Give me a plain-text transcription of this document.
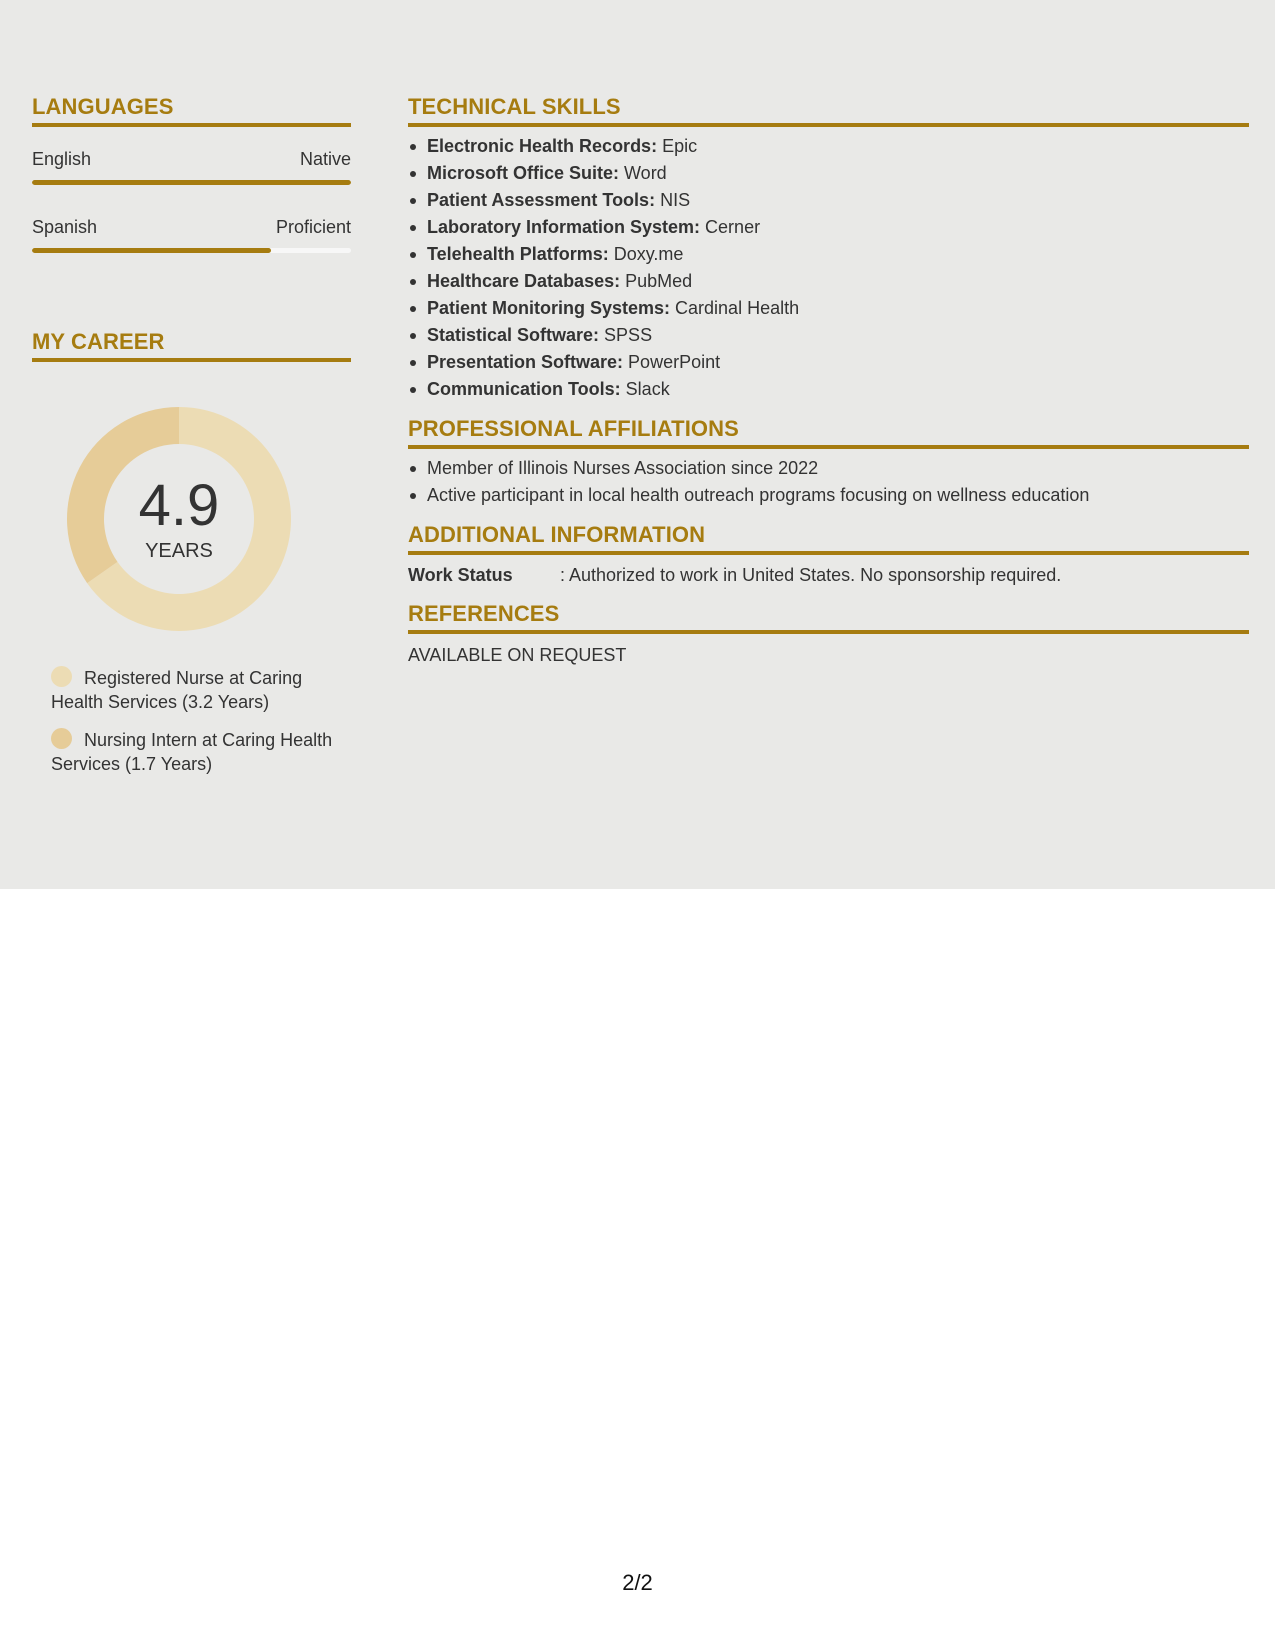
LANGUAGES
English	Native
Spanish	Proficient
MY CAREER
4.9
YEARS
Registered Nurse at Caring Health Services (3.2 Years)
Nursing Intern at Caring Health Services (1.7 Years)
TECHNICAL SKILLS
Electronic Health Records: Epic
Microsoft Office Suite: Word
Patient Assessment Tools: NIS
Laboratory Information System: Cerner
Telehealth Platforms: Doxy.me
Healthcare Databases: PubMed
Patient Monitoring Systems: Cardinal Health
Statistical Software: SPSS
Presentation Software: PowerPoint
Communication Tools: Slack
PROFESSIONAL AFFILIATIONS
Member of Illinois Nurses Association since 2022
Active participant in local health outreach programs focusing on wellness education
ADDITIONAL INFORMATION
Work Status	: Authorized to work in United States. No sponsorship required.
REFERENCES
AVAILABLE ON REQUEST
2/2
